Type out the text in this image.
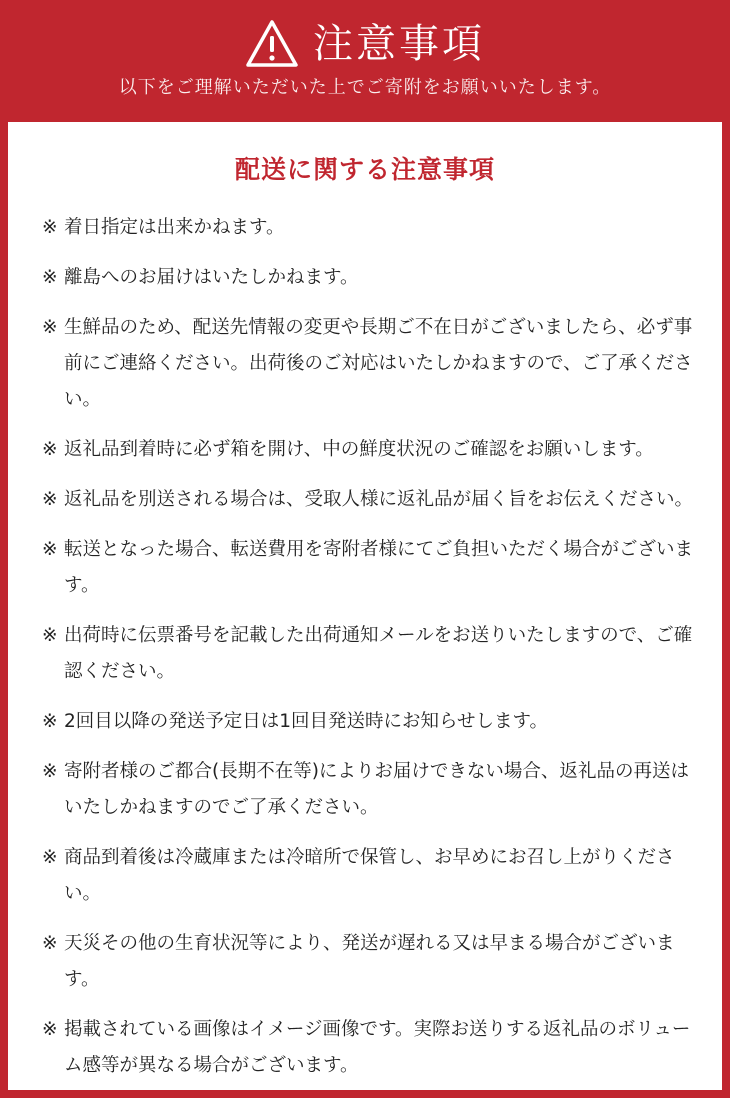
注意事項
以下をご理解いただいた上でご寄附をお願いいたします。
配送に関する注意事項
※ 着日指定は出来かねます。
※ 離島へのお届けはいたしかねます。
※ 生鮮品のため、配送先情報の変更や長期ご不在日がございましたら、必ず事前にご連絡ください。出荷後のご対応はいたしかねますので、ご了承ください。
※ 返礼品到着時に必ず箱を開け、中の鮮度状況のご確認をお願いします。
※ 返礼品を別送される場合は、受取人様に返礼品が届く旨をお伝えください。
※ 転送となった場合、転送費用を寄附者様にてご負担いただく場合がございます。
※ 出荷時に伝票番号を記載した出荷通知メールをお送りいたしますので、ご確認ください。
※ 2回目以降の発送予定日は1回目発送時にお知らせします。
※ 寄附者様のご都合(長期不在等)によりお届けできない場合、返礼品の再送はいたしかねますのでご了承ください。
※ 商品到着後は冷蔵庫または冷暗所で保管し、お早めにお召し上がりください。
※ 天災その他の生育状況等により、発送が遅れる又は早まる場合がございます。
※ 掲載されている画像はイメージ画像です。実際お送りする返礼品のボリューム感等が異なる場合がございます。
